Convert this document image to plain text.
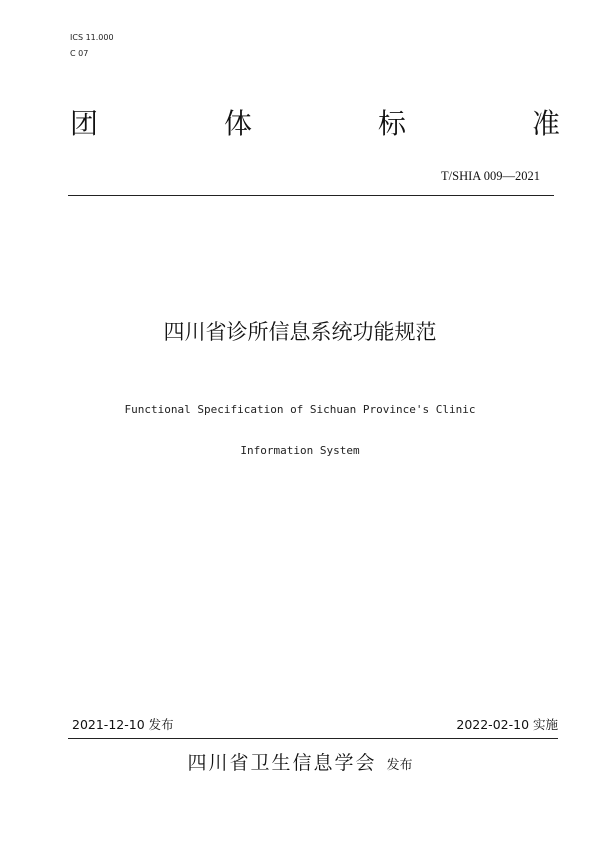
ICS 11.000
C 07
团	体	标	准
T/SHIA 009—2021
四川省诊所信息系统功能规范
Functional Specification of Sichuan Province's Clinic
Information System
2021-12-10 发布	2022-02-10 实施
四川省卫生信息学会 发布
